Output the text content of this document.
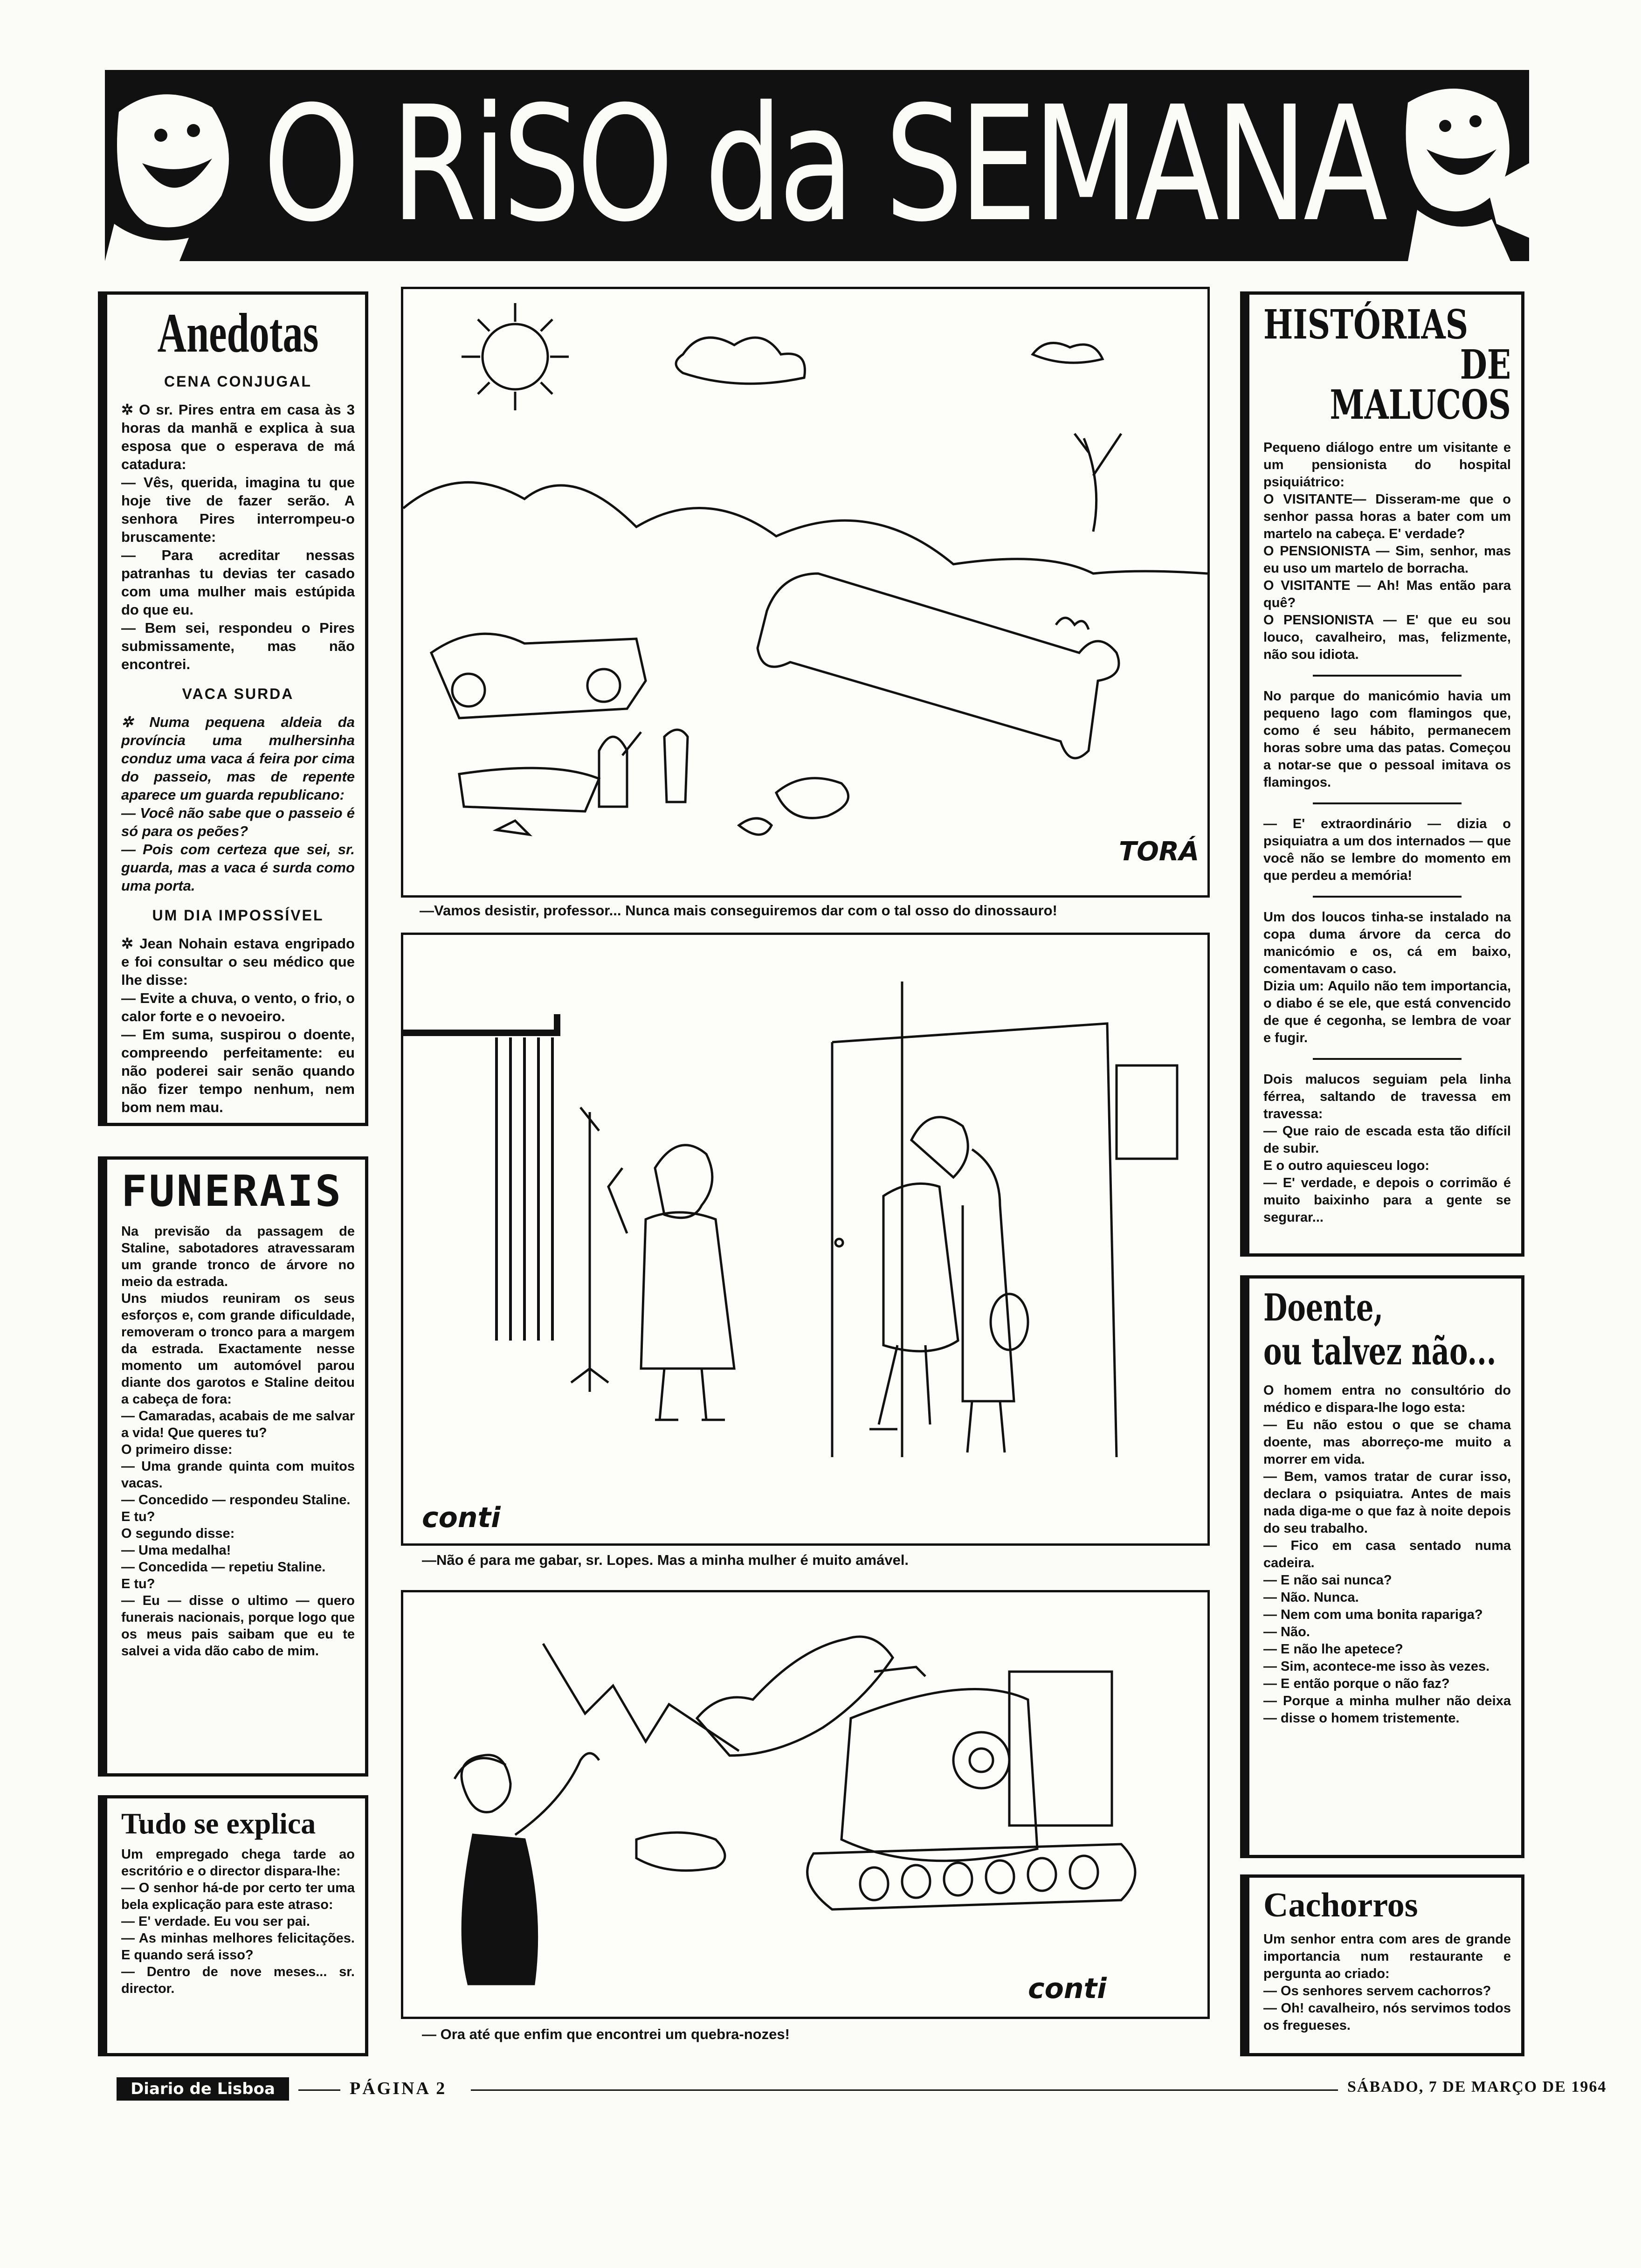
O RiSO da SEMANA
Anedotas
CENA CONJUGAL

✲ O sr. Pires entra em casa às 3 horas da manhã e explica à sua esposa que o esperava de má catadura:

— Vês, querida, imagina tu que hoje tive de fazer serão. A senhora Pires interrompeu-o bruscamente:

— Para acreditar nessas patranhas tu devias ter casado com uma mulher mais estúpida do que eu.

— Bem sei, respondeu o Pires submissamente, mas não encontrei.

VACA SURDA

✲ Numa pequena aldeia da província uma mulhersinha conduz uma vaca á feira por cima do passeio, mas de repente aparece um guarda republicano:

— Você não sabe que o passeio é só para os peões?

— Pois com certeza que sei, sr. guarda, mas a vaca é surda como uma porta.

UM DIA IMPOSSÍVEL

✲ Jean Nohain estava engripado e foi consultar o seu médico que lhe disse:

— Evite a chuva, o vento, o frio, o calor forte e o nevoeiro.

— Em suma, suspirou o doente, compreendo perfeitamente: eu não poderei sair senão quando não fizer tempo nenhum, nem bom nem mau.

FUNERAIS

Na previsão da passagem de Staline, sabotadores atravessaram um grande tronco de árvore no meio da estrada.

Uns miudos reuniram os seus esforços e, com grande dificuldade, removeram o tronco para a margem da estrada. Exactamente nesse momento um automóvel parou diante dos garotos e Staline deitou a cabeça de fora:

— Camaradas, acabais de me salvar a vida! Que queres tu?

O primeiro disse:

— Uma grande quinta com muitos vacas.

— Concedido — respondeu Staline.

E tu?

O segundo disse:

— Uma medalha!

— Concedida — repetiu Staline.

E tu?

— Eu — disse o ultimo — quero funerais nacionais, porque logo que os meus pais saibam que eu te salvei a vida dão cabo de mim.

Tudo se explica

Um empregado chega tarde ao escritório e o director dispara-lhe:

— O senhor há-de por certo ter uma bela explicação para este atraso:

— E' verdade. Eu vou ser pai.

— As minhas melhores felicitações. E quando será isso?

— Dentro de nove meses... sr. director.

HISTÓRIAS
DE MALUCOS

Pequeno diálogo entre um visitante e um pensionista do hospital psiquiátrico:

O VISITANTE— Disseram-me que o senhor passa horas a bater com um martelo na cabeça. E' verdade?

O PENSIONISTA — Sim, senhor, mas eu uso um martelo de borracha.

O VISITANTE — Ah! Mas então para quê?

O PENSIONISTA — E' que eu sou louco, cavalheiro, mas, felizmente, não sou idiota.

No parque do manicómio havia um pequeno lago com flamingos que, como é seu hábito, permanecem horas sobre uma das patas. Começou a notar-se que o pessoal imitava os flamingos.

— E' extraordinário — dizia o psiquiatra a um dos internados — que você não se lembre do momento em que perdeu a memória!

Um dos loucos tinha-se instalado na copa duma árvore da cerca do manicómio e os, cá em baixo, comentavam o caso.

Dizia um: Aquilo não tem importancia, o diabo é se ele, que está convencido de que é cegonha, se lembra de voar e fugir.

Dois malucos seguiam pela linha férrea, saltando de travessa em travessa:

— Que raio de escada esta tão difícil de subir.

E o outro aquiesceu logo:

— E' verdade, e depois o corrimão é muito baixinho para a gente se segurar...

Doente,
ou talvez não...

O homem entra no consultório do médico e dispara-lhe logo esta:

— Eu não estou o que se chama doente, mas aborreço-me muito a morrer em vida.

— Bem, vamos tratar de curar isso, declara o psiquiatra. Antes de mais nada diga-me o que faz à noite depois do seu trabalho.

— Fico em casa sentado numa cadeira.

— E não sai nunca?

— Não. Nunca.

— Nem com uma bonita rapariga?

— Não.

— E não lhe apetece?

— Sim, acontece-me isso às vezes.

— E então porque o não faz?

— Porque a minha mulher não deixa — disse o homem tristemente.

Cachorros

Um senhor entra com ares de grande importancia num restaurante e pergunta ao criado:

— Os senhores servem cachorros?

— Oh! cavalheiro, nós servimos todos os fregueses.

TORÁ
—Vamos desistir, professor... Nunca mais conseguiremos dar com o tal osso do dinossauro!
conti
—Não é para me gabar, sr. Lopes. Mas a minha mulher é muito amável.
conti
— Ora até que enfim que encontrei um quebra-nozes!
Diario de Lisboa	PÁGINA 2	SÁBADO, 7 DE MARÇO DE 1964
